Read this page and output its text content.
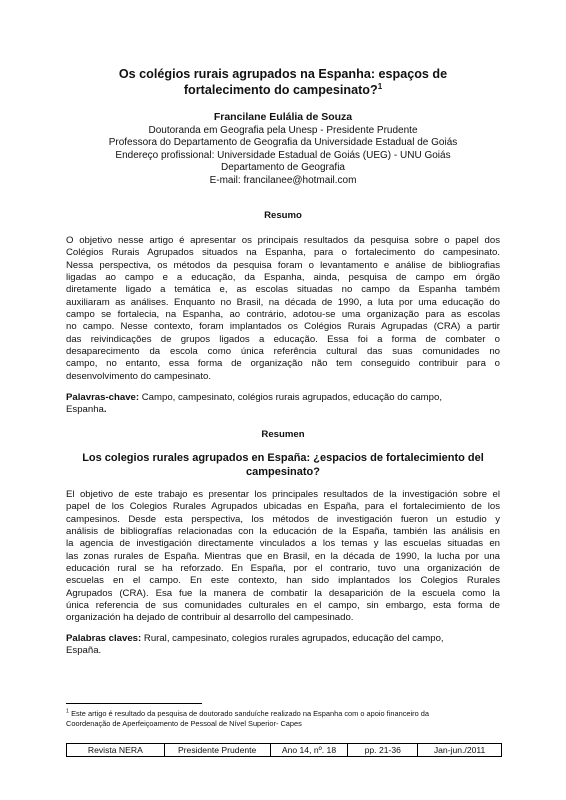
Os colégios rurais agrupados na Espanha: espaços de
fortalecimento do campesinato?$^1$
Francilane Eulália de Souza
Doutoranda em Geografia pela Unesp - Presidente Prudente
Professora do Departamento de Geografia da Universidade Estadual de Goiás
Endereço profissional: Universidade Estadual de Goiás (UEG) - UNU Goiás
Departamento de Geografia
E-mail: francilanee@hotmail.com
Resumo
O objetivo nesse artigo é apresentar os principais resultados da pesquisa sobre o papel dos
Colégios Rurais Agrupados situados na Espanha, para o fortalecimento do campesinato.
Nessa perspectiva, os métodos da pesquisa foram o levantamento e análise de bibliografias
ligadas ao campo e a educação, da Espanha, ainda, pesquisa de campo em órgão
diretamente ligado a temática e, as escolas situadas no campo da Espanha também
auxiliaram as análises. Enquanto no Brasil, na década de 1990, a luta por uma educação do
campo se fortalecia, na Espanha, ao contrário, adotou-se uma organização para as escolas
no campo. Nesse contexto, foram implantados os Colégios Rurais Agrupadas (CRA) a partir
das reivindicações de grupos ligados a educação. Essa foi a forma de combater o
desaparecimento da escola como única referência cultural das suas comunidades no
campo, no entanto, essa forma de organização não tem conseguido contribuir para o
desenvolvimento do campesinato.
Palavras-chave: Campo, campesinato, colégios rurais agrupados, educação do campo,
Espanha.
Resumen
Los colegios rurales agrupados en España: ¿espacios de fortalecimiento del
campesinato?
El objetivo de este trabajo es presentar los principales resultados de la investigación sobre el
papel de los Colegios Rurales Agrupados ubicadas en España, para el fortalecimiento de los
campesinos. Desde esta perspectiva, los métodos de investigación fueron un estudio y
análisis de bibliografías relacionadas con la educación de la España, también las análisis en
la agencia de investigación directamente vinculados a los temas y las escuelas situadas en
las zonas rurales de España. Mientras que en Brasil, en la década de 1990, la lucha por una
educación rural se ha reforzado. En España, por el contrario, tuvo una organización de
escuelas en el campo. En este contexto, han sido implantados los Colegios Rurales
Agrupados (CRA). Esa fue la manera de combatir la desaparición de la escuela como la
única referencia de sus comunidades culturales en el campo, sin embargo, esta forma de
organización ha dejado de contribuir al desarrollo del campesinado.
Palabras claves: Rural, campesinato, colegios rurales agrupados, educação del campo,
España.
$^1$ Este artigo é resultado da pesquisa de doutorado sanduíche realizado na Espanha com o apoio financeiro da
Coordenação de Aperfeiçoamento de Pessoal de Nível Superior- Capes
Revista NERA	Presidente Prudente	Ano 14, nº. 18	pp. 21-36	Jan-jun./2011
